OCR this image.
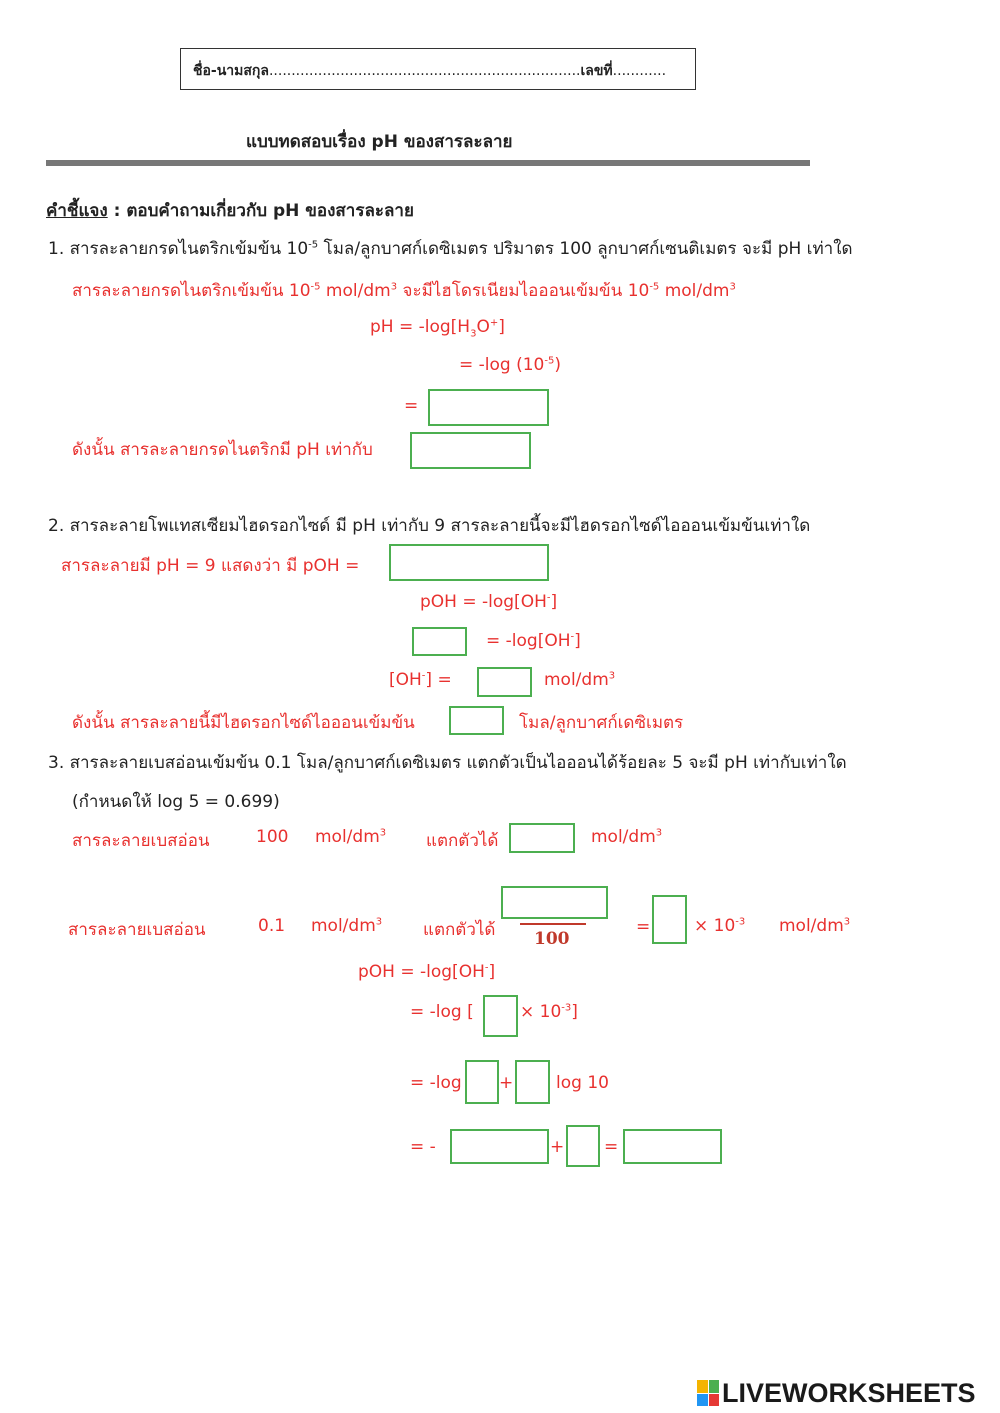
ชื่อ-นามสกุล......................................................................เลขที่............
แบบทดสอบเรื่อง pH ของสารละลาย
คำชี้แจง : ตอบคำถามเกี่ยวกับ pH ของสารละลาย
1. สารละลายกรดไนตริกเข้มข้น $10^{-5}$ โมล/ลูกบาศก์เดซิเมตร ปริมาตร 100 ลูกบาศก์เซนติเมตร จะมี pH เท่าใด
สารละลายกรดไนตริกเข้มข้น $10^{-5}$ mol/$dm^3$ จะมีไฮโดรเนียมไอออนเข้มข้น $10^{-5}$ mol/$dm^3$
pH = $-\log[H_3O^+]$
= -log $(10^{-5})$
=
ดังนั้น สารละลายกรดไนตริกมี pH เท่ากับ
2. สารละลายโพแทสเซียมไฮดรอกไซด์ มี pH เท่ากับ 9 สารละลายนี้จะมีไฮดรอกไซด์ไอออนเข้มข้นเท่าใด
สารละลายมี pH = 9 แสดงว่า มี pOH =
pOH = -log[OH-]
= -log[OH-]
[OH-] =	mol/$dm^3$
ดังนั้น สารละลายนี้มีไฮดรอกไซด์ไอออนเข้มข้น	โมล/ลูกบาศก์เดซิเมตร
3. สารละลายเบสอ่อนเข้มข้น 0.1 โมล/ลูกบาศก์เดซิเมตร แตกตัวเป็นไอออนได้ร้อยละ 5 จะมี pH เท่ากับเท่าใด
(กำหนดให้ log 5 = 0.699)
สารละลายเบสอ่อน	100 mol/$dm^3$ แตกตัวได้	mol/$dm^3$
สารละลายเบสอ่อน	0.1 mol/$dm^3$ แตกตัวได้ 100
=	× $10^{-3}$ mol/$dm^3$
pOH = -log[OH-]
= -log [	× $10^{-3}$]
= -log +	log 10
= -	+ =
LIVEWORKSHEETS
